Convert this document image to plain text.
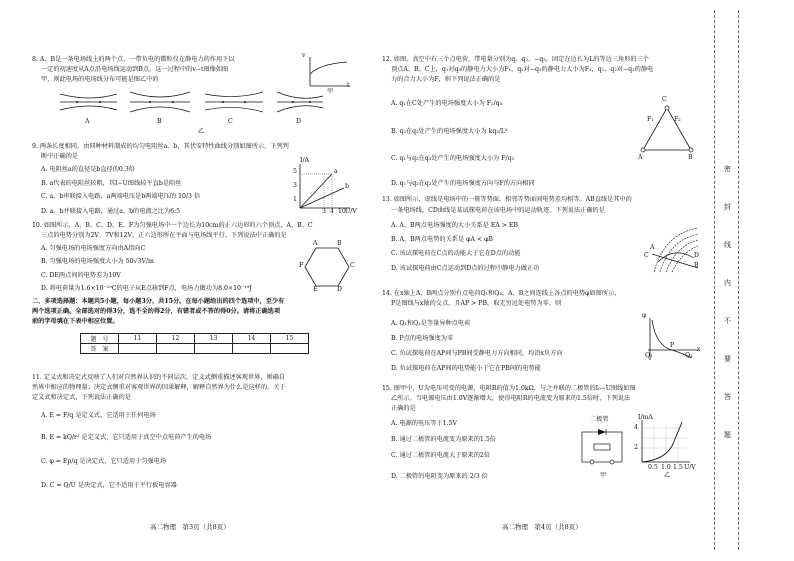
8. A、B是一条电场线上的两个点，一带负电的微粒仅在静电力的作用下以
一定的初速度从A点沿电场线运动到B点，这一过程中的v−t图像如图
甲，则此电场的电场线分布可能是图乙中的
v
t
甲
A	B	C	D
乙
9. 两条长度相同，由同种材料制成的均匀电阻丝a、b，其伏安特性曲线分别如图所示，下列判
断中正确的是
A. 电阻丝a的直径是b直径的0.3倍
B. a代表的电阻丝较粗，其I−U图线较平直b是阻丝
C. a、b串联接入电路，a两端电压是b两端电压的 10/3 倍
D. a、b并联接入电路，通过a、b的电流之比为6:5
I/A
U/V
3 4 10
a
b
5
3
1
10. 如图所示，A、B、C、D、E、F为匀强电场中一个边长为10cm的正六边形的六个顶点，A、B、C
三点的电势分别为2V、7V和12V，正六边形所在平面与电场线平行。下列说法中正确的是
A. 匀强电场的电场强度方向由A指向C
B. 匀强电场的电场强度大小为 50√3V/m
C. DE两点间的电势差为10V
D. 将电荷量为1.6×10⁻¹⁹C的电子从E点移到F点，电场力做功为8.0×10⁻¹⁹J
A	B
C
D
E
F
二、多项选择题：本题共5小题，每小题3分，共15分。在每小题给出的四个选项中，至少有
两个选项正确。全部选对的得3分，选不全的得2分，有错者或不答的得0分。请将正确选项
前的字母填在下表中相应位置。
题　号	11	12	13	14	15
答　案					
11. 定义式和决定式反映了人们对自然界认识的不同层次。定义式侧重描述客观世界，则确自
然界中相应的物理量；决定式侧重对客观世界的因果解释，解释自然界为什么是这样的。关于
定义式和决定式，下列说法正确的是
A. E = F/q 是定义式，它适用于任何电场
B. E = kQ/r² 是定义式，它只适用于真空中点电荷产生的电场
C. φ = Ep/q 是决定式，它只适用于匀强电场
D. C = Q/U 是决定式，它不适用于平行板电容器
高二物理　第3页（共8页）
12. 如图，真空中有三个点电荷，带电量分别为q、q₂、−q₃，固定在边长为L的等边三角形的三个
顶点A、B、C上，q₁对q₃的静电力大小为F₁，q₂对−q₃的静电力大小为F₂，q₁、q₂对−q₃的静电
力的合力大小为F，则下列说法正确的是
A. q₁在C处产生的电场强度大小为 F₂/q₃
B. q₂在q₃处产生的电场强度大小为 kq₂/L²
C. q₁与q₂在q₃处产生的电场强度大小为 F/q₃
D. q₁与q₂在q₃处产生的电场强度方向与F的方向相同
C
F₁	F₂
A	B
13. 如图所示，虚线是电场中的一簇等势面，相邻等势面间电势差均相等。AB直线是其中的
一条电场线，CD曲线是某试探电荷在该电场中的运动轨迹。下列说法正确的是
A. A、B两点电场强度的大小关系是 EA > EB
B. A、B两点电势的关系是 φA < φB
C. 该试探电荷在C点的动能大于它在D点的动能
D. 该试探电荷由C点运动到D点的过程中静电力做正功
C
A
B
D
14. 在x轴上A、B两点分别有点电荷Q₁和Q₂，A、B之间连线上各点的电势φ如图所示，
P是图线与x轴的交点，且AP > PB，取无穷远处电势为零，则
A. Q₁和Q₂是等量异种点电荷
B. P点的电场强度为零
C. 负试探电荷在AP间与PB间受静电力方向相同，均沿x负方向
D. 负试探电荷在AP间的电势能小于它在PB间的电势能
φ
Q₁
P
Q₂
x
15. 图甲中，U为电压可变的电源，电阻R的值为1.0kΩ，与之并联的二极管的I₀−U图线如图
乙所示。当电源电压由1.0V逐渐增大，使得电阻R的电流变为原来的1.5倍时，下列说法
正确的是
A. 电源的电压等于1.5V
B. 通过二极管的电流变为原来的1.5倍
C. 通过二极管的电流大于原来的2倍
D. 二极管的电阻变为原来的 2/3 倍
二极管
甲
I/mA
U/V
0.5 1.0 1.5
4
2
乙
高二物理　第4页（共8页）
密
封
线
内
不
要
答
题
